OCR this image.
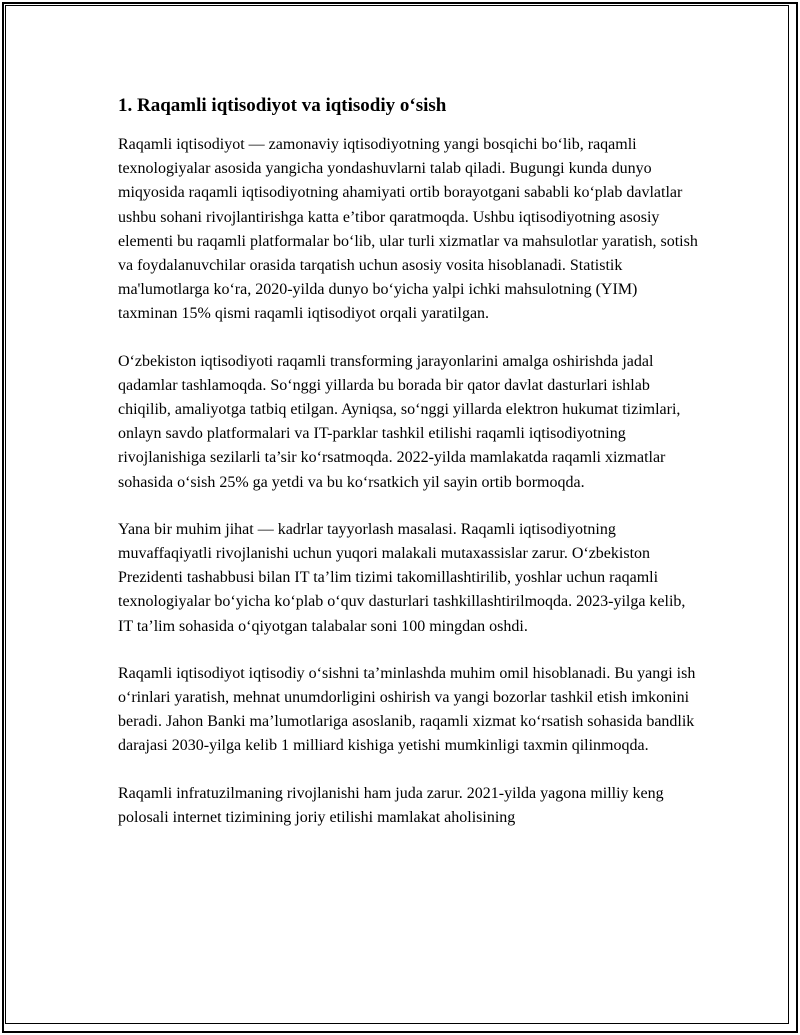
1. Raqamli iqtisodiyot va iqtisodiy o‘sish

Raqamli iqtisodiyot — zamonaviy iqtisodiyotning yangi bosqichi bo‘lib, raqamli texnologiyalar asosida yangicha yondashuvlarni talab qiladi. Bugungi kunda dunyo miqyosida raqamli iqtisodiyotning ahamiyati ortib borayotgani sababli ko‘plab davlatlar ushbu sohani rivojlantirishga katta e’tibor qaratmoqda. Ushbu iqtisodiyotning asosiy elementi bu raqamli platformalar bo‘lib, ular turli xizmatlar va mahsulotlar yaratish, sotish va foydalanuvchilar orasida tarqatish uchun asosiy vosita hisoblanadi. Statistik ma'lumotlarga ko‘ra, 2020-yilda dunyo bo‘yicha yalpi ichki mahsulotning (YIM) taxminan 15% qismi raqamli iqtisodiyot orqali yaratilgan.

O‘zbekiston iqtisodiyoti raqamli transforming jarayonlarini amalga oshirishda jadal qadamlar tashlamoqda. So‘nggi yillarda bu borada bir qator davlat dasturlari ishlab chiqilib, amaliyotga tatbiq etilgan. Ayniqsa, so‘nggi yillarda elektron hukumat tizimlari, onlayn savdo platformalari va IT-parklar tashkil etilishi raqamli iqtisodiyotning rivojlanishiga sezilarli ta’sir ko‘rsatmoqda. 2022-yilda mamlakatda raqamli xizmatlar sohasida o‘sish 25% ga yetdi va bu ko‘rsatkich yil sayin ortib bormoqda.

Yana bir muhim jihat — kadrlar tayyorlash masalasi. Raqamli iqtisodiyotning muvaffaqiyatli rivojlanishi uchun yuqori malakali mutaxassislar zarur. O‘zbekiston Prezidenti tashabbusi bilan IT ta’lim tizimi takomillashtirilib, yoshlar uchun raqamli texnologiyalar bo‘yicha ko‘plab o‘quv dasturlari tashkillashtirilmoqda. 2023-yilga kelib, IT ta’lim sohasida o‘qiyotgan talabalar soni 100 mingdan oshdi.

Raqamli iqtisodiyot iqtisodiy o‘sishni ta’minlashda muhim omil hisoblanadi. Bu yangi ish o‘rinlari yaratish, mehnat unumdorligini oshirish va yangi bozorlar tashkil etish imkonini beradi. Jahon Banki ma’lumotlariga asoslanib, raqamli xizmat ko‘rsatish sohasida bandlik darajasi 2030-yilga kelib 1 milliard kishiga yetishi mumkinligi taxmin qilinmoqda.

Raqamli infratuzilmaning rivojlanishi ham juda zarur. 2021-yilda yagona milliy keng polosali internet tizimining joriy etilishi mamlakat aholisining
